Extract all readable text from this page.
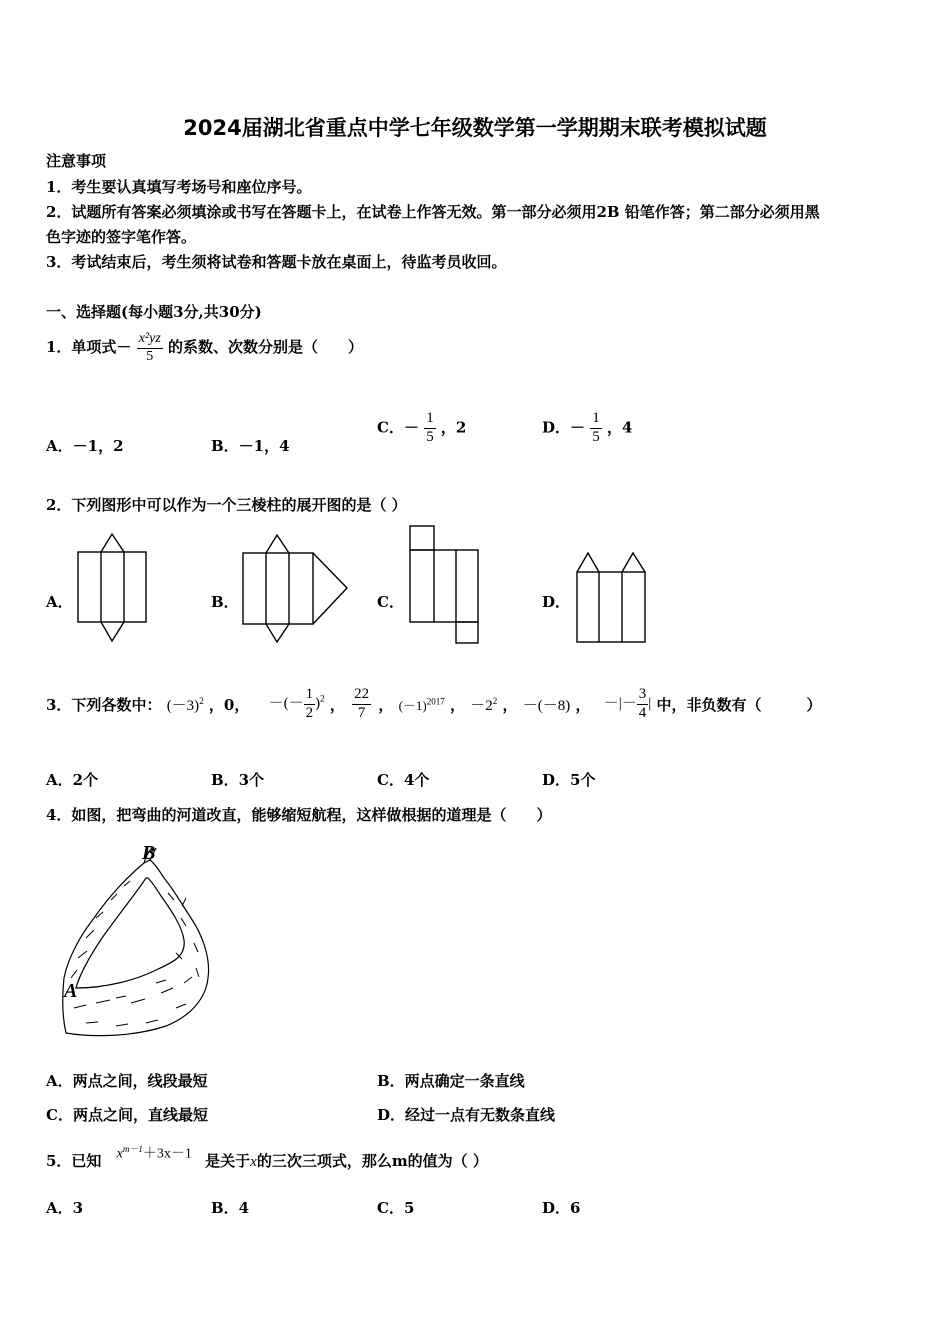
2024届湖北省重点中学七年级数学第一学期期末联考模拟试题
注意事项
1．考生要认真填写考场号和座位序号。
2．试题所有答案必须填涂或书写在答题卡上，在试卷上作答无效。第一部分必须用2B 铅笔作答；第二部分必须用黑
色字迹的签字笔作答。
3．考试结束后，考生须将试卷和答题卡放在桌面上，待监考员收回。
一、选择题(每小题3分,共30分)
1．单项式－ $\frac{\text{x²yz}}{5}$ 的系数、次数分别是（　　）
A．－1，2	B．－1，4
C．－ $\frac{1}{5}$ ，2	D．－ $\frac{1}{5}$ ，4
2．下列图形中可以作为一个三棱柱的展开图的是（ ）
A．	B．	C．	D．
3．下列各数中： $(-3)^2$ ，0， －(－ $\frac{1}{2} )^2$ ， $\frac{22}{7}$ ， $(-1)^{2017}$ ， $-2^2$ ， －(－8) ， －|－ $\frac{3}{4}$ | 中，非负数有（　　　）
A．2个	B．3个	C．4个	D．5个
4．如图，把弯曲的河道改直，能够缩短航程，这样做根据的道理是（　　）
B
A
A．两点之间，线段最短	B．两点确定一条直线
C．两点之间，直线最短	D．经过一点有无数条直线
5．已知 $x^{m-1}+3x-1$ 是关于x的三次三项式，那么m的值为（ ）
A．3	B．4	C．5	D．6
